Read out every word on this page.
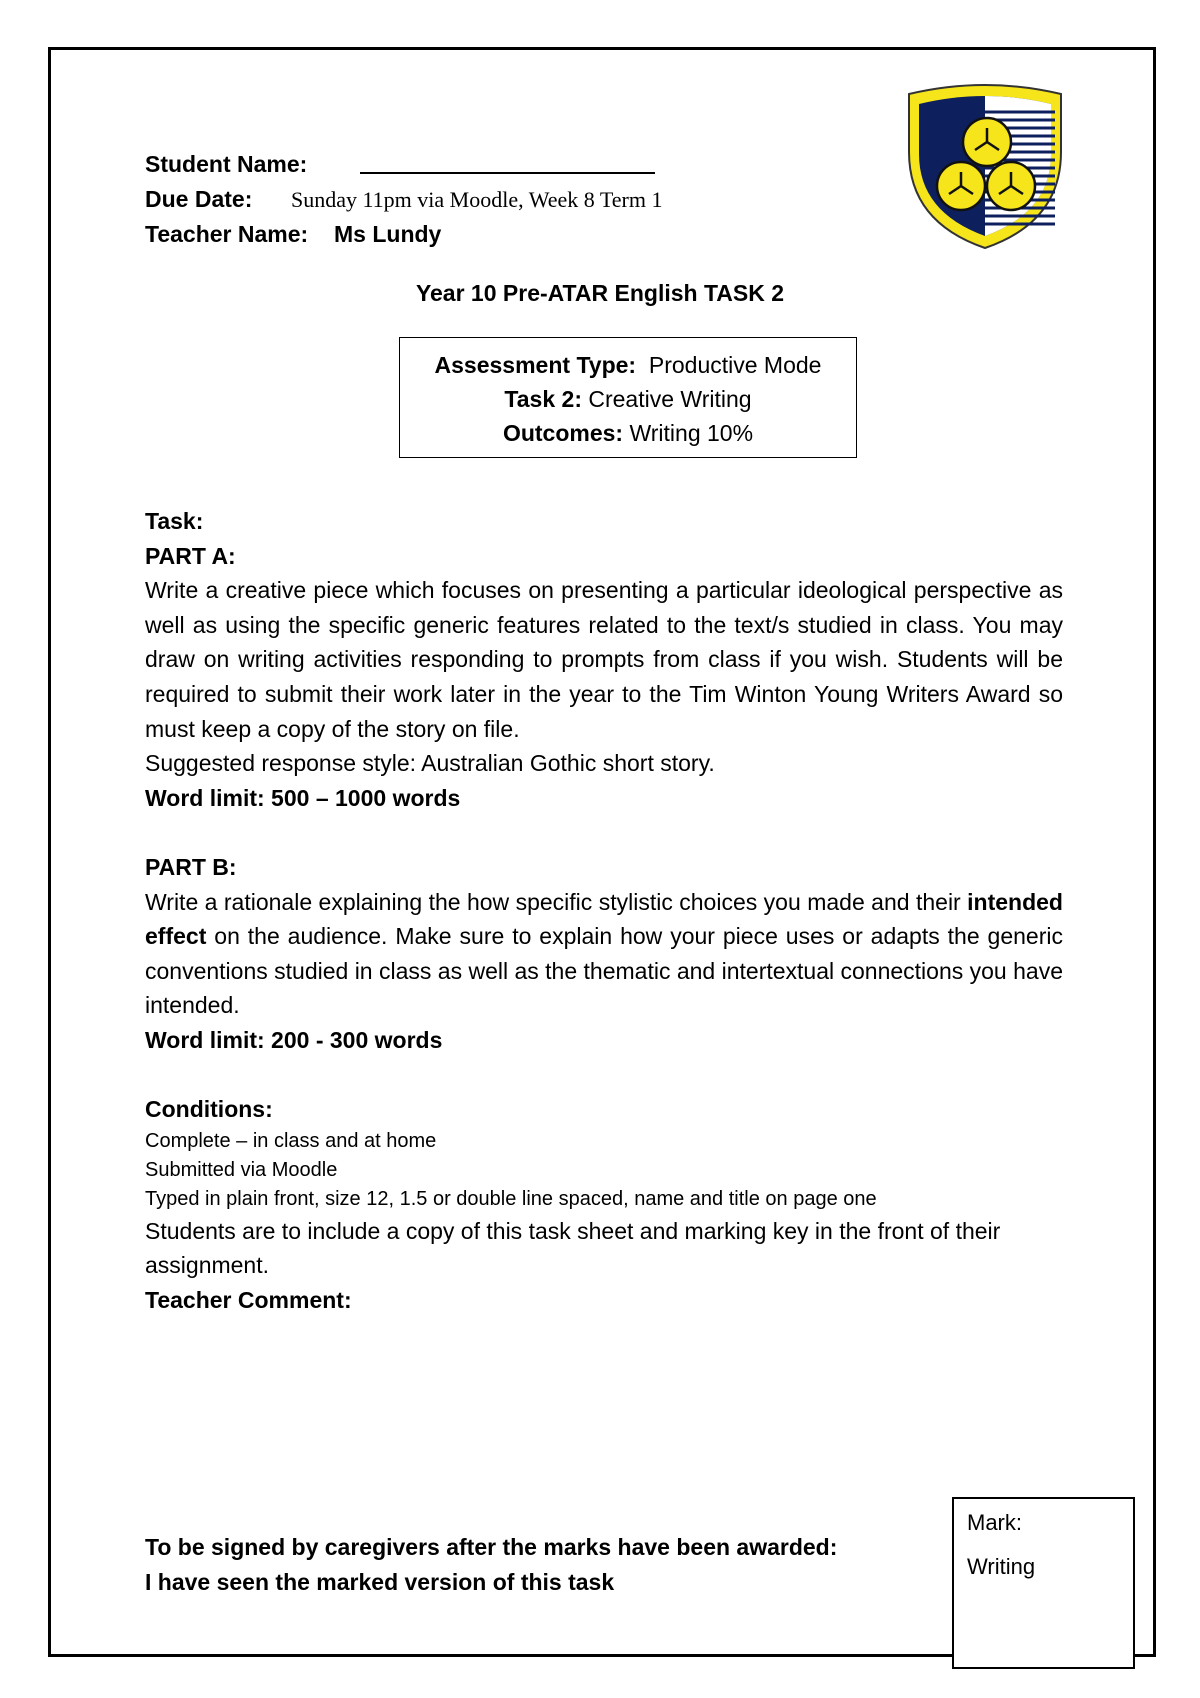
Student Name:
Due Date: Sunday 11pm via Moodle, Week 8 Term 1
Teacher Name: Ms Lundy
Year 10 Pre-ATAR English TASK 2
Assessment Type: Productive Mode
Task 2: Creative Writing
Outcomes: Writing 10%

Task:

PART A:

Write a creative piece which focuses on presenting a particular ideological perspective as well as using the specific generic features related to the text/s studied in class. You may draw on writing activities responding to prompts from class if you wish. Students will be required to submit their work later in the year to the Tim Winton Young Writers Award so must keep a copy of the story on file.

Suggested response style: Australian Gothic short story.

Word limit: 500 – 1000 words

PART B:

Write a rationale explaining the how specific stylistic choices you made and their intended effect on the audience. Make sure to explain how your piece uses or adapts the generic conventions studied in class as well as the thematic and intertextual connections you have intended.

Word limit: 200 - 300 words

Conditions:

Complete – in class and at home

Submitted via Moodle

Typed in plain front, size 12, 1.5 or double line spaced, name and title on page one

Students are to include a copy of this task sheet and marking key in the front of their assignment.

Teacher Comment:

To be signed by caregivers after the marks have been awarded:
I have seen the marked version of this task
Mark:
Writing
